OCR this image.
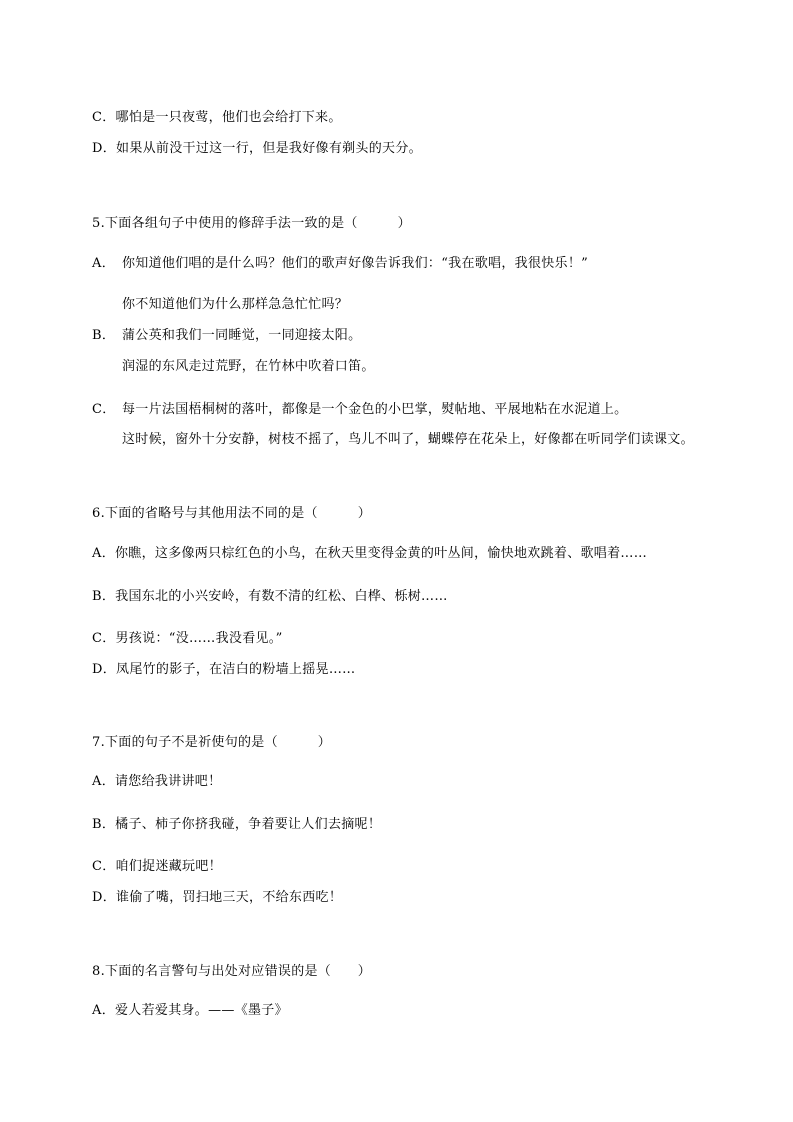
C．哪怕是一只夜莺，他们也会给打下来。
D．如果从前没干过这一行，但是我好像有剃头的天分。
5.下面各组句子中使用的修辞手法一致的是（　　　）
A． 你知道他们唱的是什么吗？他们的歌声好像告诉我们：“我在歌唱，我很快乐！”
你不知道他们为什么那样急急忙忙吗？
B． 蒲公英和我们一同睡觉，一同迎接太阳。
润湿的东风走过荒野，在竹林中吹着口笛。
C． 每一片法国梧桐树的落叶，都像是一个金色的小巴掌，熨帖地、平展地粘在水泥道上。
这时候，窗外十分安静，树枝不摇了，鸟儿不叫了，蝴蝶停在花朵上，好像都在听同学们读课文。
6.下面的省略号与其他用法不同的是（　　　）
A．你瞧，这多像两只棕红色的小鸟，在秋天里变得金黄的叶丛间，愉快地欢跳着、歌唱着……
B．我国东北的小兴安岭，有数不清的红松、白桦、栎树……
C．男孩说：“没……我没看见。”
D．凤尾竹的影子，在洁白的粉墙上摇晃……
7.下面的句子不是祈使句的是（　　　）
A．请您给我讲讲吧！
B．橘子、柿子你挤我碰，争着要让人们去摘呢！
C．咱们捉迷藏玩吧！
D．谁偷了嘴，罚扫地三天，不给东西吃！
8.下面的名言警句与出处对应错误的是（　　）
A．爱人若爱其身。——《墨子》
